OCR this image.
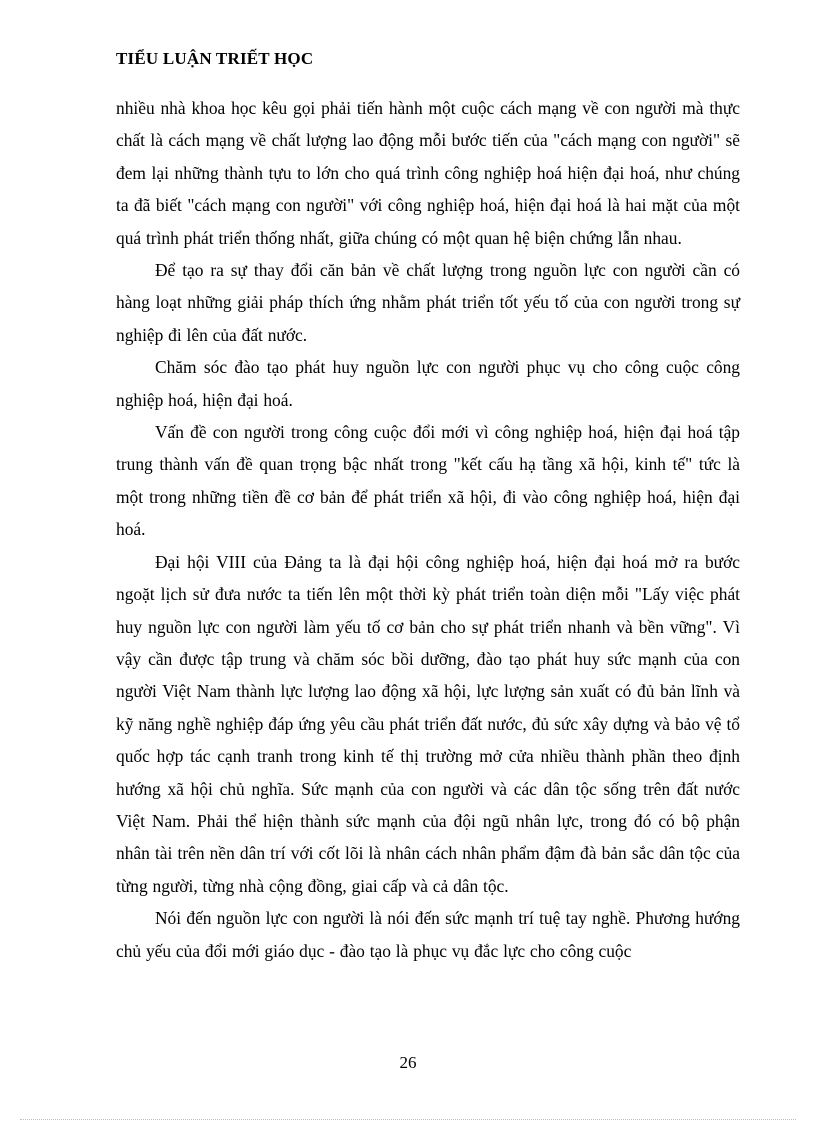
TIỂU LUẬN TRIẾT HỌC

nhiều nhà khoa học kêu gọi phải tiến hành một cuộc cách mạng về con người mà thực chất là cách mạng về chất lượng lao động mỗi bước tiến của "cách mạng con người" sẽ đem lại những thành tựu to lớn cho quá trình công nghiệp hoá hiện đại hoá, như chúng ta đã biết "cách mạng con người" với công nghiệp hoá, hiện đại hoá là hai mặt của một quá trình phát triển thống nhất, giữa chúng có một quan hệ biện chứng lẫn nhau.

Để tạo ra sự thay đổi căn bản về chất lượng trong nguồn lực con người cần có hàng loạt những giải pháp thích ứng nhằm phát triển tốt yếu tố của con người trong sự nghiệp đi lên của đất nước.

Chăm sóc đào tạo phát huy nguồn lực con người phục vụ cho công cuộc công nghiệp hoá, hiện đại hoá.

Vấn đề con người trong công cuộc đổi mới vì công nghiệp hoá, hiện đại hoá tập trung thành vấn đề quan trọng bậc nhất trong "kết cấu hạ tầng xã hội, kinh tế" tức là một trong những tiền đề cơ bản để phát triển xã hội, đi vào công nghiệp hoá, hiện đại hoá.

Đại hội VIII của Đảng ta là đại hội công nghiệp hoá, hiện đại hoá mở ra bước ngoặt lịch sử đưa nước ta tiến lên một thời kỳ phát triển toàn diện mỗi "Lấy việc phát huy nguồn lực con người làm yếu tố cơ bản cho sự phát triển nhanh và bền vững". Vì vậy cần được tập trung và chăm sóc bồi dưỡng, đào tạo phát huy sức mạnh của con người Việt Nam thành lực lượng lao động xã hội, lực lượng sản xuất có đủ bản lĩnh và kỹ năng nghề nghiệp đáp ứng yêu cầu phát triển đất nước, đủ sức xây dựng và bảo vệ tổ quốc hợp tác cạnh tranh trong kinh tế thị trường mở cửa nhiều thành phần theo định hướng xã hội chủ nghĩa. Sức mạnh của con người và các dân tộc sống trên đất nước Việt Nam. Phải thể hiện thành sức mạnh của đội ngũ nhân lực, trong đó có bộ phận nhân tài trên nền dân trí với cốt lõi là nhân cách nhân phẩm đậm đà bản sắc dân tộc của từng người, từng nhà cộng đồng, giai cấp và cả dân tộc.

Nói đến nguồn lực con người là nói đến sức mạnh trí tuệ tay nghề. Phương hướng chủ yếu của đổi mới giáo dục - đào tạo là phục vụ đắc lực cho công cuộc

26
